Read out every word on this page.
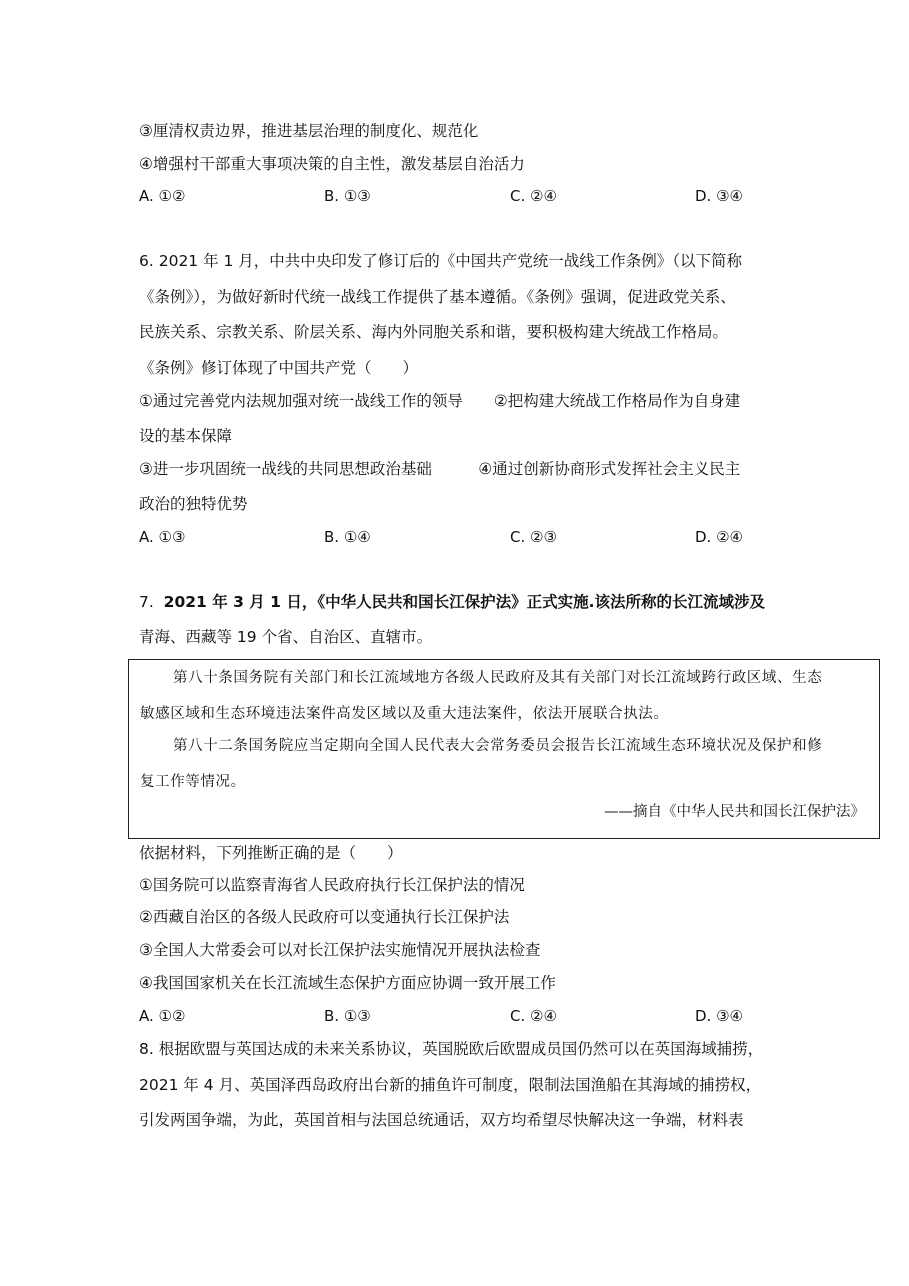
③厘清权责边界，推进基层治理的制度化、规范化
④增强村干部重大事项决策的自主性，激发基层自治活力
A. ①②	B. ①③	C. ②④	D. ③④
6. 2021 年 1 月，中共中央印发了修订后的《中国共产党统一战线工作条例》（以下简称
《条例》），为做好新时代统一战线工作提供了基本遵循。《条例》强调，促进政党关系、
民族关系、宗教关系、阶层关系、海内外同胞关系和谐，要积极构建大统战工作格局。
《条例》修订体现了中国共产党（　　）
①通过完善党内法规加强对统一战线工作的领导　　②把构建大统战工作格局作为自身建
设的基本保障
③进一步巩固统一战线的共同思想政治基础　　　④通过创新协商形式发挥社会主义民主
政治的独特优势
A. ①③	B. ①④	C. ②③	D. ②④
7. 2021 年 3 月 1 日，《中华人民共和国长江保护法》正式实施.该法所称的长江流域涉及
青海、西藏等 19 个省、自治区、直辖市。
第八十条国务院有关部门和长江流域地方各级人民政府及其有关部门对长江流域跨行政区域、生态
敏感区域和生态环境违法案件高发区域以及重大违法案件，依法开展联合执法。
第八十二条国务院应当定期向全国人民代表大会常务委员会报告长江流域生态环境状况及保护和修
复工作等情况。
——摘自《中华人民共和国长江保护法》
依据材料，下列推断正确的是（　　）
①国务院可以监察青海省人民政府执行长江保护法的情况
②西藏自治区的各级人民政府可以变通执行长江保护法
③全国人大常委会可以对长江保护法实施情况开展执法检查
④我国国家机关在长江流域生态保护方面应协调一致开展工作
A. ①②	B. ①③	C. ②④	D. ③④
8. 根据欧盟与英国达成的未来关系协议，英国脱欧后欧盟成员国仍然可以在英国海域捕捞，
2021 年 4 月、英国泽西岛政府出台新的捕鱼许可制度，限制法国渔船在其海域的捕捞权，
引发两国争端，为此，英国首相与法国总统通话，双方均希望尽快解决这一争端，材料表
